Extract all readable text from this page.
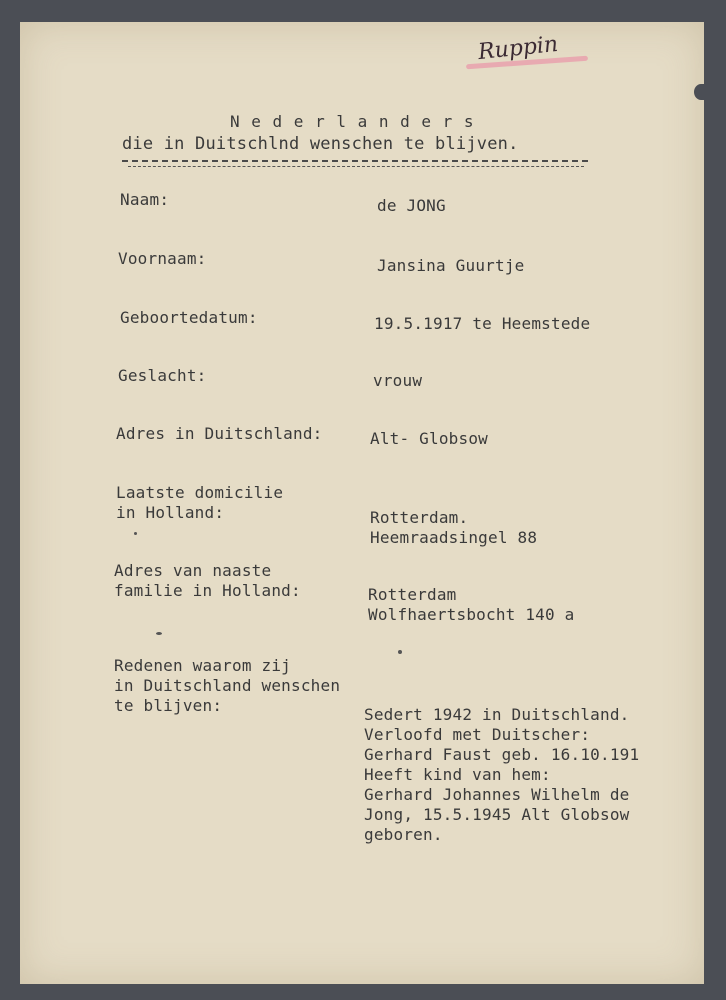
Ruppin
N e d e r l a n d e r s
die in Duitschlnd wenschen te blijven.
Naam:	de JONG
Voornaam:	Jansina Guurtje
Geboortedatum:	19.5.1917 te Heemstede
Geslacht:	vrouw
Adres in Duitschland:	Alt- Globsow
Laatste domicilie
in Holland:	Rotterdam.
Heemraadsingel 88
Adres van naaste
familie in Holland:	Rotterdam
Wolfhaertsbocht 140 a
Redenen waarom zij
in Duitschland wenschen
te blijven:	Sedert 1942 in Duitschland.
Verloofd met Duitscher:
Gerhard Faust geb. 16.10.191
Heeft kind van hem:
Gerhard Johannes Wilhelm de
Jong, 15.5.1945 Alt Globsow
geboren.
